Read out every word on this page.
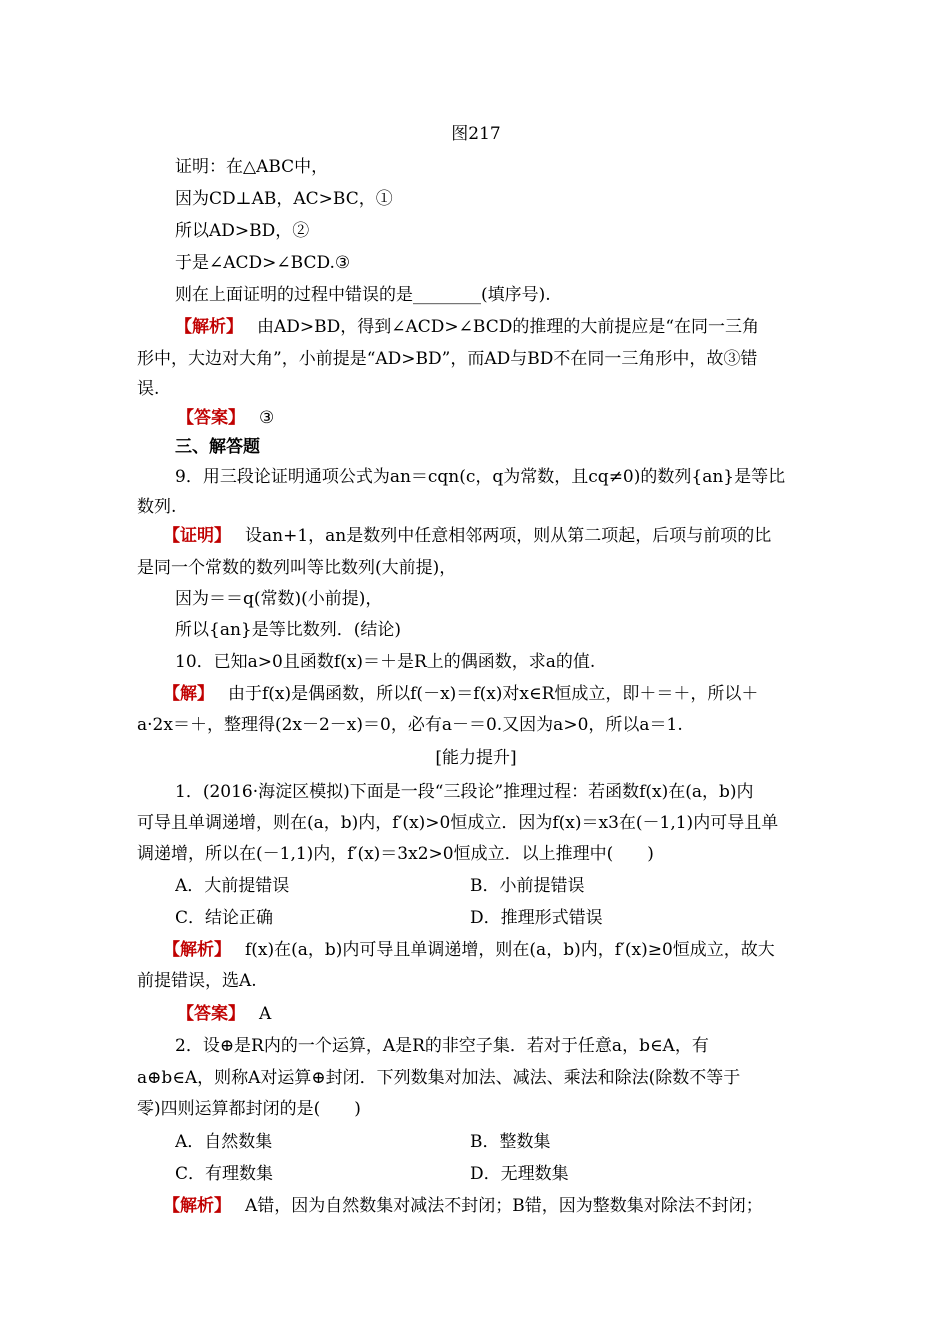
图217
证明：在△ABC中，
因为CD⊥AB，AC>BC，①
所以AD>BD，②
于是∠ACD>∠BCD.③
则在上面证明的过程中错误的是________(填序号).
【解析】 由AD>BD，得到∠ACD>∠BCD的推理的大前提应是“在同一三角
形中，大边对大角”，小前提是“AD>BD”，而AD与BD不在同一三角形中，故③错
误.
【答案】 ③
三、解答题
9．用三段论证明通项公式为an＝cqn(c，q为常数，且cq≠0)的数列{an}是等比
数列.
【证明】 设an+1，an是数列中任意相邻两项，则从第二项起，后项与前项的比
是同一个常数的数列叫等比数列(大前提)，
因为＝＝q(常数)(小前提)，
所以{an}是等比数列．(结论)
10．已知a>0且函数f(x)＝＋是R上的偶函数，求a的值.
【解】 由于f(x)是偶函数，所以f(－x)＝f(x)对x∈R恒成立，即＋＝＋，所以＋
a·2x＝＋，整理得(2x－2－x)＝0，必有a－＝0.又因为a>0，所以a＝1.
[能力提升]
1．(2016·海淀区模拟)下面是一段“三段论”推理过程：若函数f(x)在(a，b)内
可导且单调递增，则在(a，b)内，f′(x)>0恒成立．因为f(x)＝x3在(－1,1)内可导且单
调递增，所以在(－1,1)内，f′(x)＝3x2>0恒成立．以上推理中(　　)
A．大前提错误	B．小前提错误
C．结论正确	D．推理形式错误
【解析】 f(x)在(a，b)内可导且单调递增，则在(a，b)内，f′(x)≥0恒成立，故大
前提错误，选A.
【答案】 A
2．设⊕是R内的一个运算，A是R的非空子集．若对于任意a，b∈A，有
a⊕b∈A，则称A对运算⊕封闭．下列数集对加法、减法、乘法和除法(除数不等于
零)四则运算都封闭的是(　　)
A．自然数集	B．整数集
C．有理数集	D．无理数集
【解析】 A错，因为自然数集对减法不封闭；B错，因为整数集对除法不封闭；
